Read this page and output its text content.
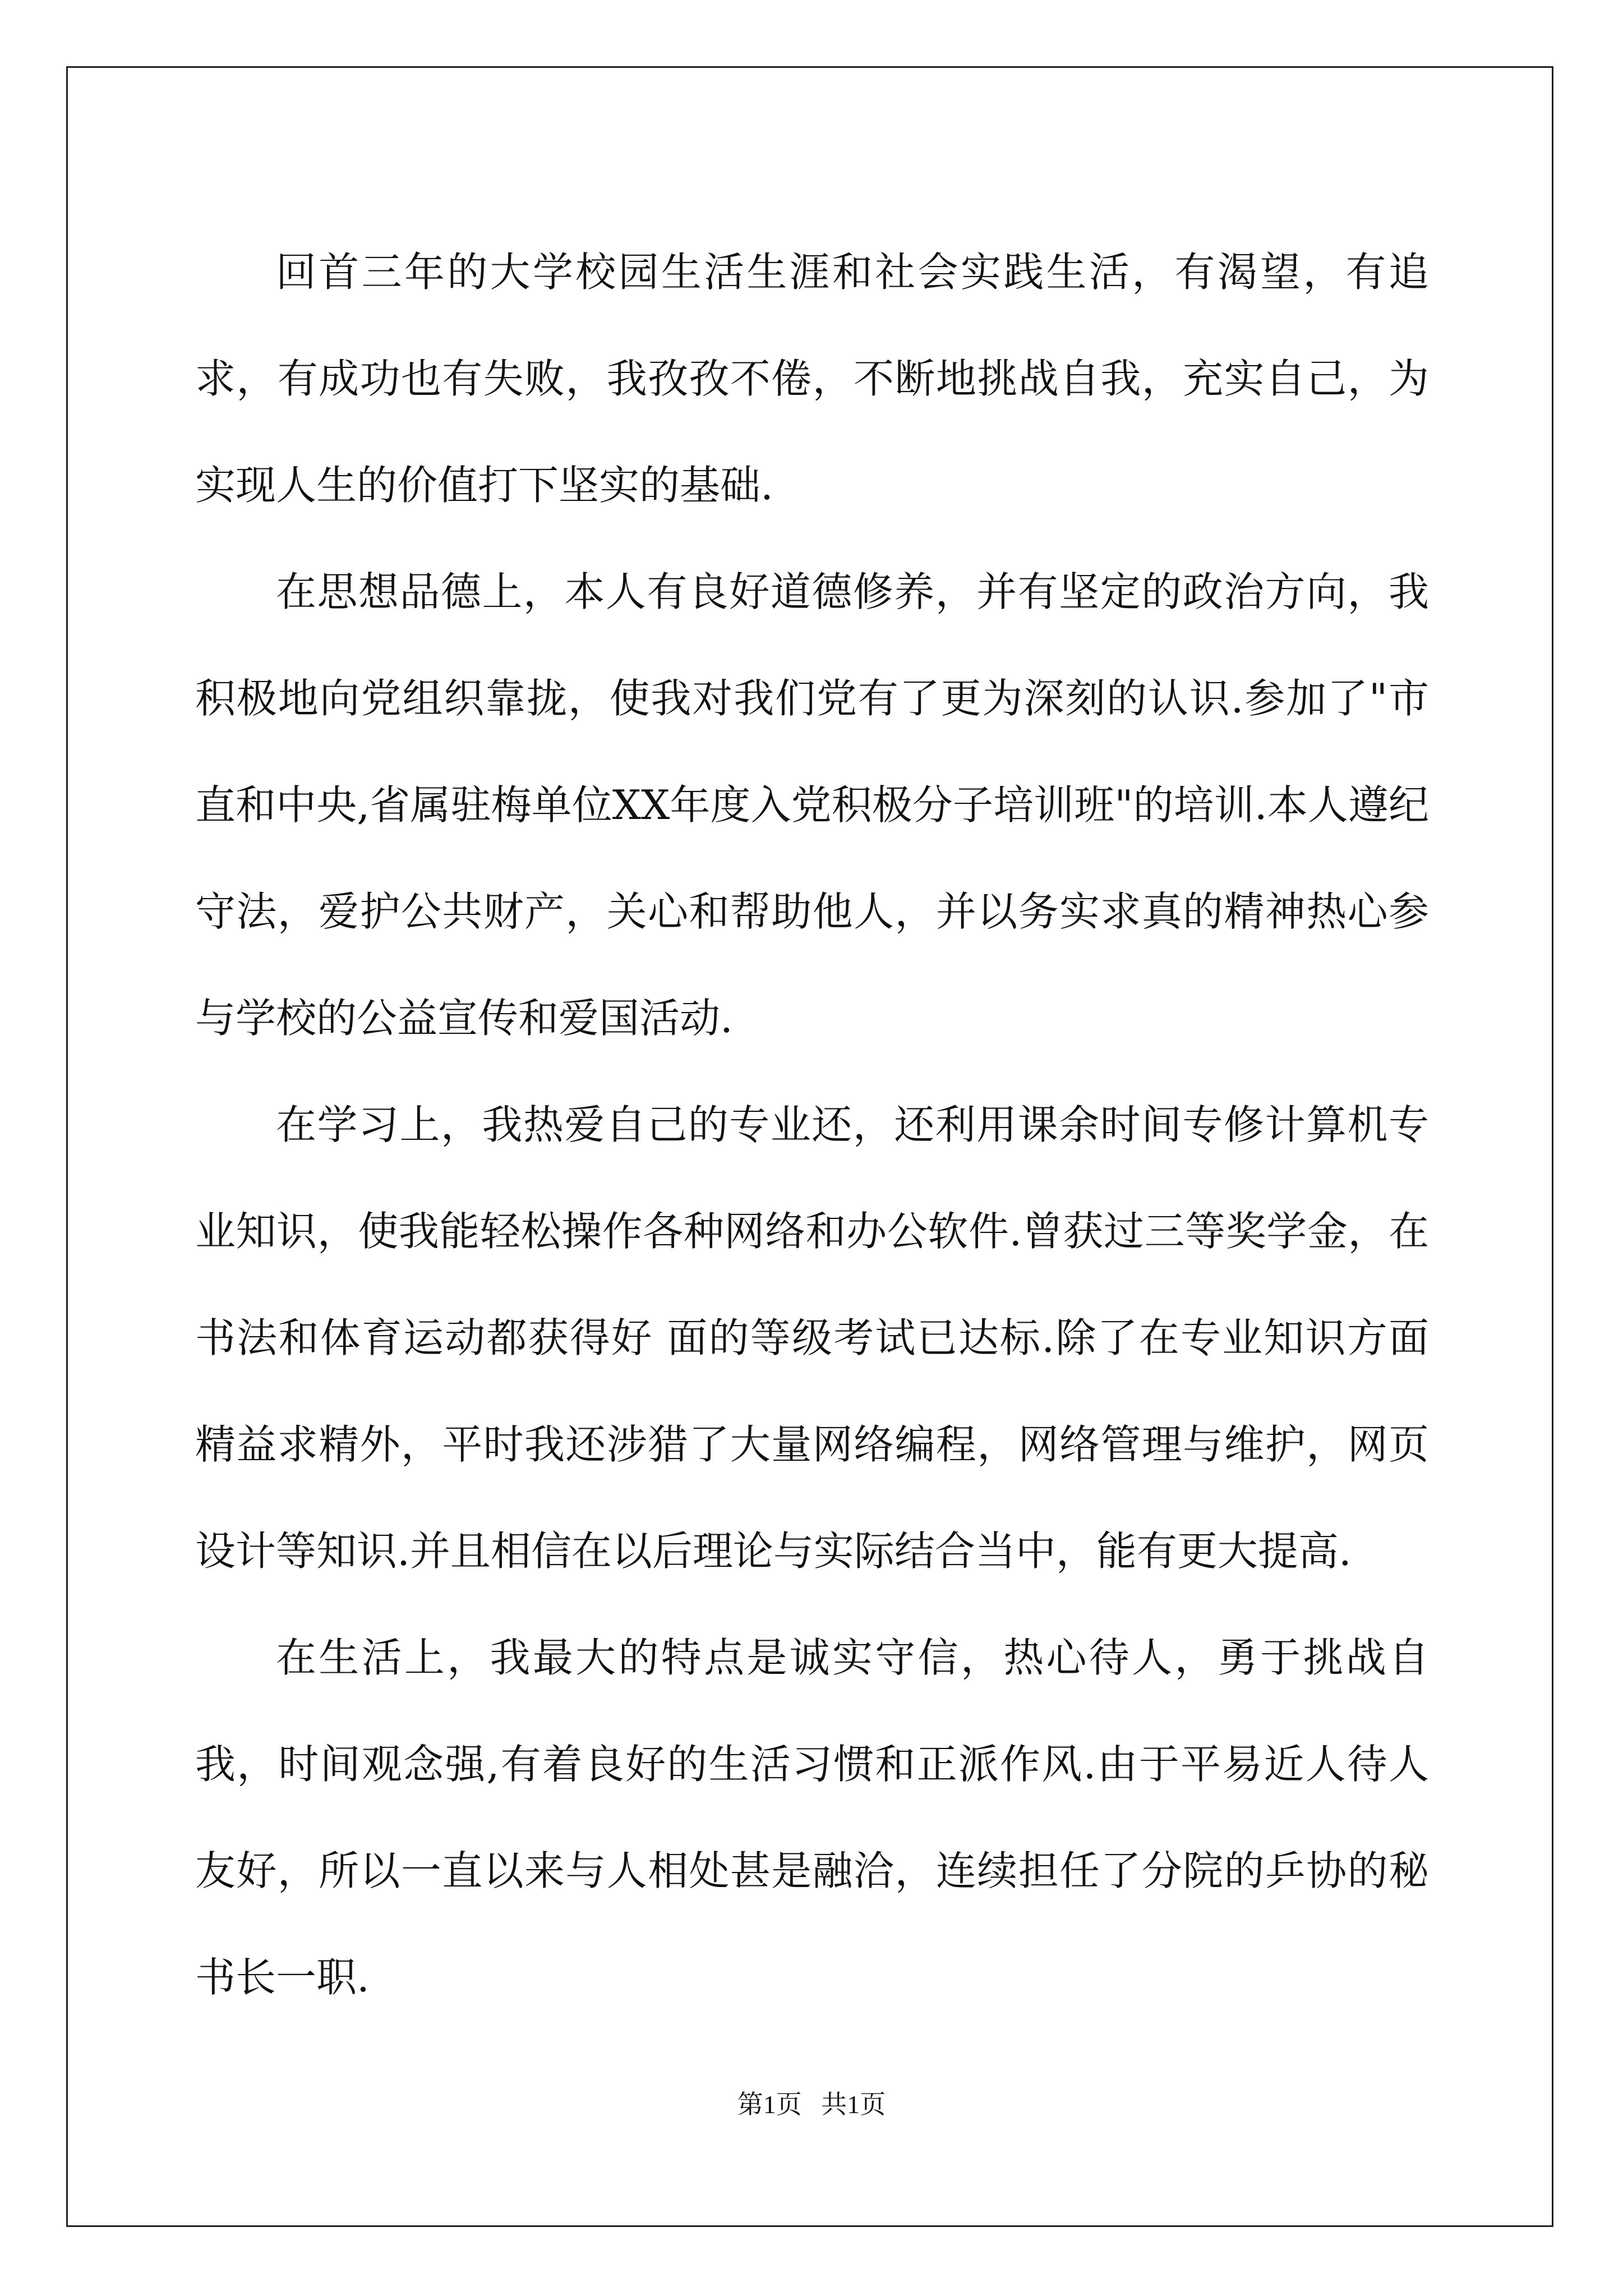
回首三年的大学校园生活生涯和社会实践生活，有渴望，有追求，有成功也有失败，我孜孜不倦，不断地挑战自我，充实自己，为实现人生的价值打下坚实的基础.

在思想品德上，本人有良好道德修养，并有坚定的政治方向，我积极地向党组织靠拢，使我对我们党有了更为深刻的认识.参加了"市直和中央,省属驻梅单位XX年度入党积极分子培训班"的培训.本人遵纪守法，爱护公共财产，关心和帮助他人，并以务实求真的精神热心参与学校的公益宣传和爱国活动.

在学习上，我热爱自己的专业还，还利用课余时间专修计算机专业知识，使我能轻松操作各种网络和办公软件.曾获过三等奖学金，在书法和体育运动都获得好 面的等级考试已达标.除了在专业知识方面精益求精外，平时我还涉猎了大量网络编程，网络管理与维护，网页设计等知识.并且相信在以后理论与实际结合当中，能有更大提高.

在生活上，我最大的特点是诚实守信，热心待人，勇于挑战自我，时间观念强,有着良好的生活习惯和正派作风.由于平易近人待人友好，所以一直以来与人相处甚是融洽，连续担任了分院的乒协的秘书长一职.

第1页   共1页
